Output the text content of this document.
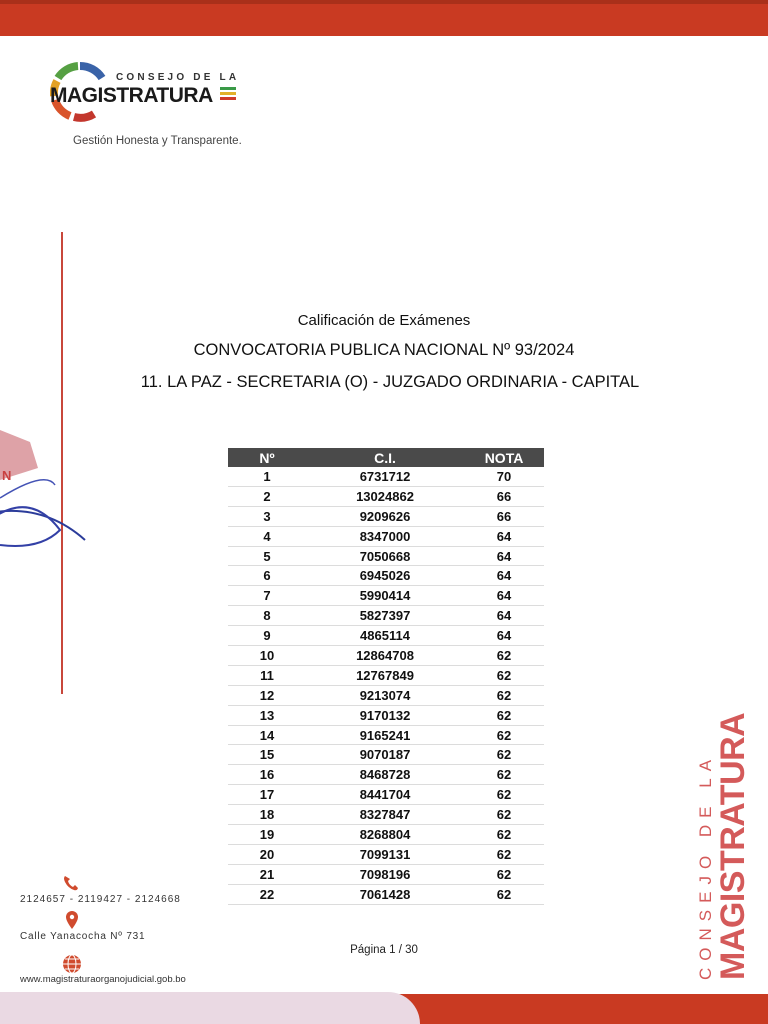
CONSEJO DE LA
MAGISTRATURA
Gestión Honesta y Transparente.
N
Calificación de Exámenes
CONVOCATORIA PUBLICA NACIONAL Nº 93/2024
11. LA PAZ - SECRETARIA (O) - JUZGADO ORDINARIA - CAPITAL
Nº	C.I.	NOTA
1	6731712	70
2	13024862	66
3	9209626	66
4	8347000	64
5	7050668	64
6	6945026	64
7	5990414	64
8	5827397	64
9	4865114	64
10	12864708	62
11	12767849	62
12	9213074	62
13	9170132	62
14	9165241	62
15	9070187	62
16	8468728	62
17	8441704	62
18	8327847	62
19	8268804	62
20	7099131	62
21	7098196	62
22	7061428	62
2124657 - 2119427 - 2124668
Calle Yanacocha Nº 731
www.magistraturaorganojudicial.gob.bo
Página 1 / 30	CONSEJO DE LA MAGISTRATURA
